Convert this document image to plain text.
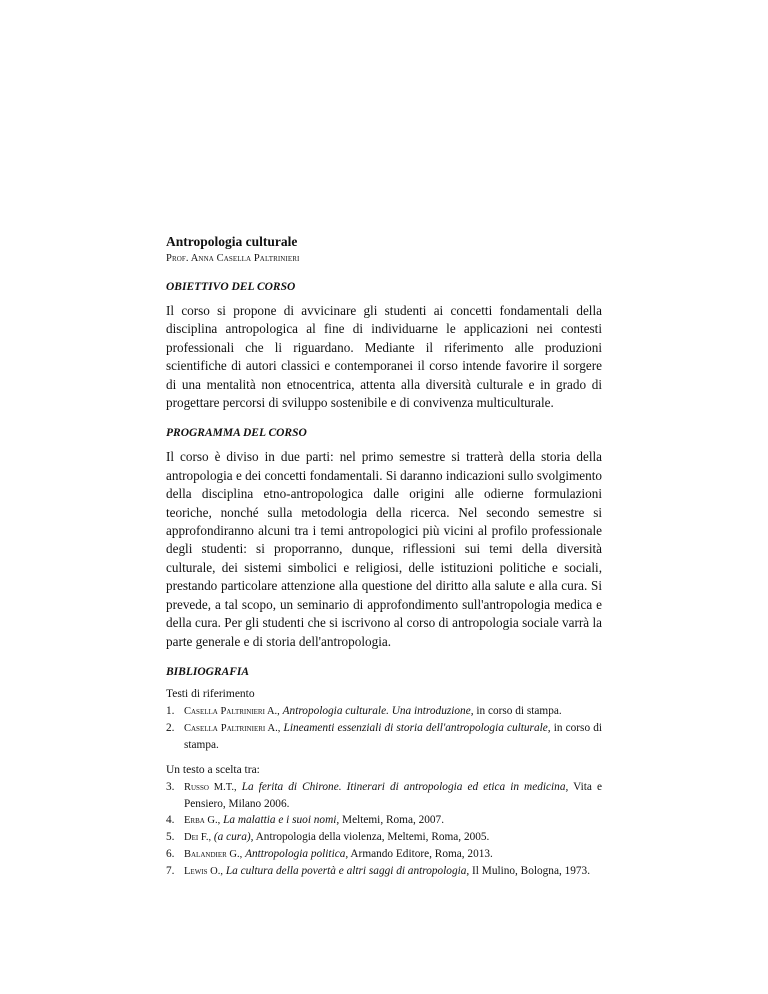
Antropologia culturale
Prof. Anna Casella Paltrinieri
OBIETTIVO DEL CORSO

Il corso si propone di avvicinare gli studenti ai concetti fondamentali della disciplina antropologica al fine di individuarne le applicazioni nei contesti professionali che li riguardano. Mediante il riferimento alle produzioni scientifiche di autori classici e contemporanei il corso intende favorire il sorgere di una mentalità non etnocentrica, attenta alla diversità culturale e in grado di progettare percorsi di sviluppo sostenibile e di convivenza multiculturale.

PROGRAMMA DEL CORSO

Il corso è diviso in due parti: nel primo semestre si tratterà della storia della antropologia e dei concetti fondamentali. Si daranno indicazioni sullo svolgimento della disciplina etno-antropologica dalle origini alle odierne formulazioni teoriche, nonché sulla metodologia della ricerca. Nel secondo semestre si approfondiranno alcuni tra i temi antropologici più vicini al profilo professionale degli studenti: si proporranno, dunque, riflessioni sui temi della diversità culturale, dei sistemi simbolici e religiosi, delle istituzioni politiche e sociali, prestando particolare attenzione alla questione del diritto alla salute e alla cura. Si prevede, a tal scopo, un seminario di approfondimento sull'antropologia medica e della cura. Per gli studenti che si iscrivono al corso di antropologia sociale varrà la parte generale e di storia dell'antropologia.

BIBLIOGRAFIA
Testi di riferimento
1. Casella Paltrinieri A., Antropologia culturale. Una introduzione, in corso di stampa.
2. Casella Paltrinieri A., Lineamenti essenziali di storia dell'antropologia culturale, in corso di stampa.
Un testo a scelta tra:
3. Russo M.T., La ferita di Chirone. Itinerari di antropologia ed etica in medicina, Vita e Pensiero, Milano 2006.
4. Erba G., La malattia e i suoi nomi, Meltemi, Roma, 2007.
5. Dei F., (a cura), Antropologia della violenza, Meltemi, Roma, 2005.
6. Balandier G., Anttropologia politica, Armando Editore, Roma, 2013.
7. Lewis O., La cultura della povertà e altri saggi di antropologia, Il Mulino, Bologna, 1973.
